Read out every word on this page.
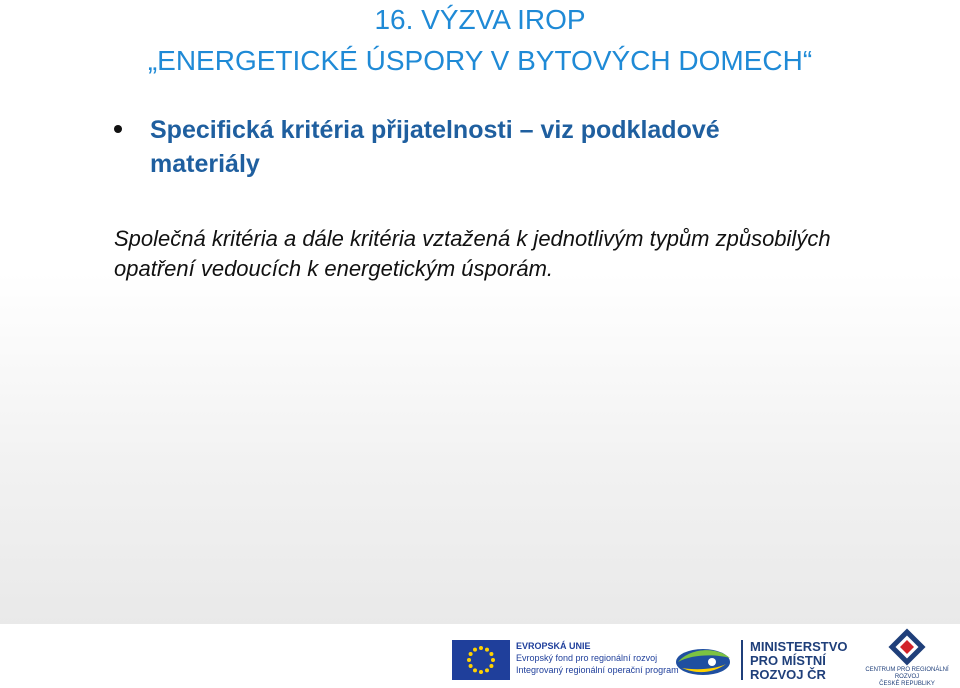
16. VÝZVA IROP
„ENERGETICKÉ ÚSPORY V BYTOVÝCH DOMECH“
Specifická kritéria přijatelnosti – viz podkladové materiály
Společná kritéria a dále kritéria vztažená k jednotlivým typům způsobilých opatření vedoucích k energetickým úsporám.
EVROPSKÁ UNIE
Evropský fond pro regionální rozvoj
Integrovaný regionální operační program
MINISTERSTVO
PRO MÍSTNÍ
ROZVOJ ČR	CENTRUM PRO REGIONÁLNÍ ROZVOJ
ČESKÉ REPUBLIKY
